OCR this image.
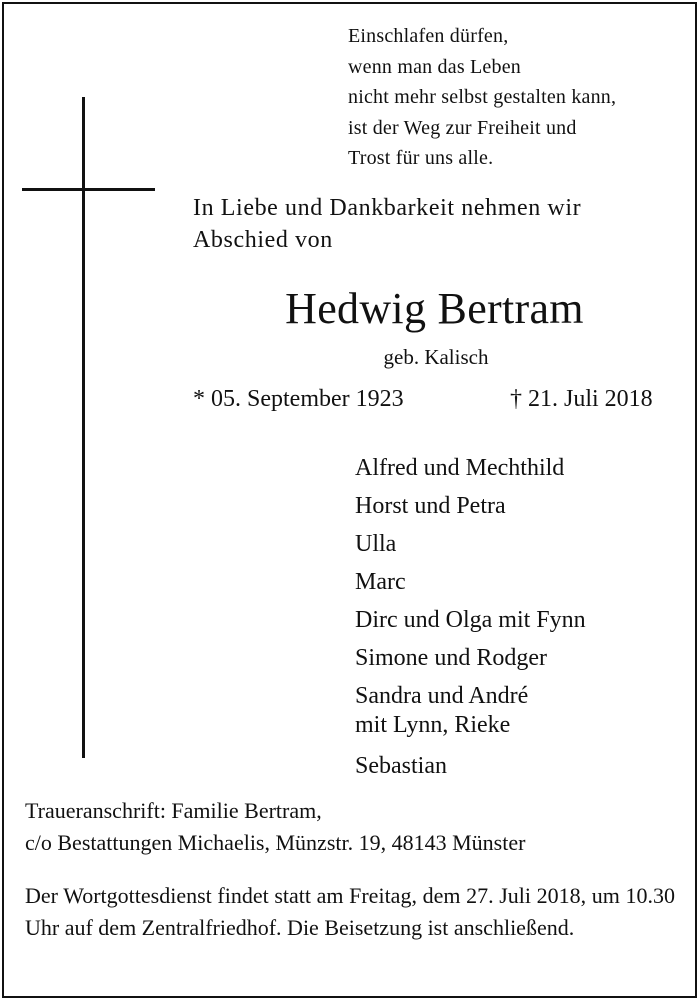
Einschlafen dürfen,
wenn man das Leben
nicht mehr selbst gestalten kann,
ist der Weg zur Freiheit und
Trost für uns alle.
In Liebe und Dankbarkeit nehmen wir
Abschied von
Hedwig Bertram
geb. Kalisch
* 05. September 1923	† 21. Juli 2018
Alfred und Mechthild
Horst und Petra
Ulla
Marc
Dirc und Olga mit Fynn
Simone und Rodger
Sandra und André
mit Lynn, Rieke
Sebastian
Traueranschrift: Familie Bertram,
c/o Bestattungen Michaelis, Münzstr. 19, 48143 Münster
Der Wortgottesdienst findet statt am Freitag, dem 27. Juli 2018, um 10.30 Uhr auf dem Zentralfriedhof. Die Beisetzung ist anschließend.
